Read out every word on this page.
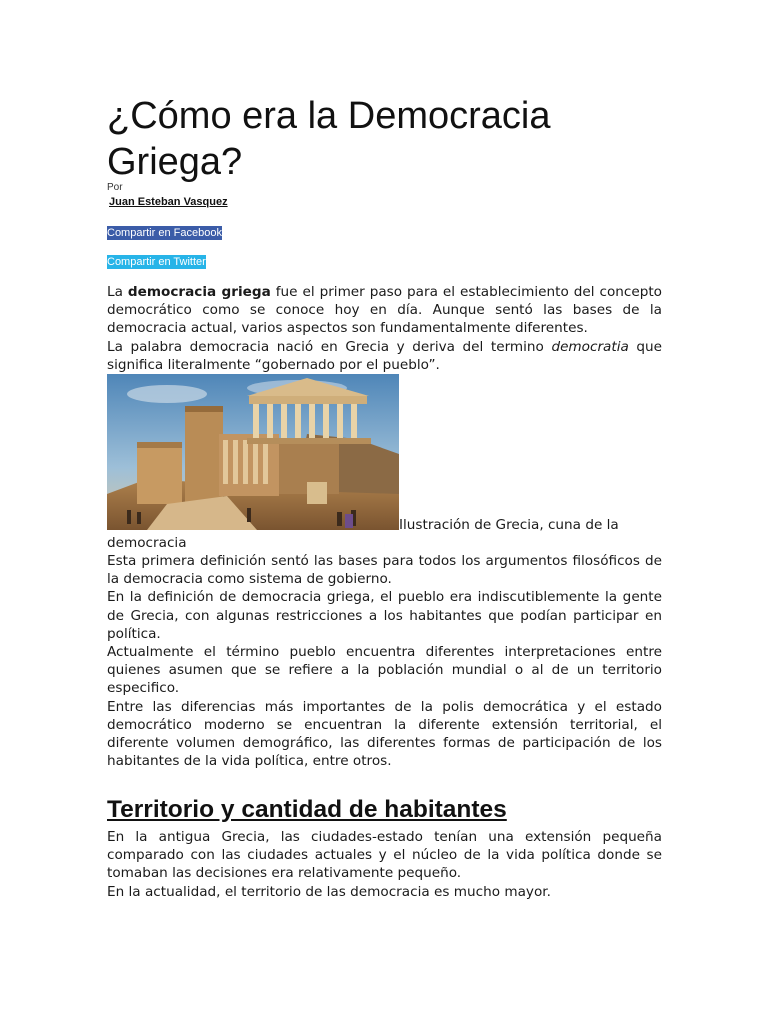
¿Cómo era la Democracia Griega?
Por
Juan Esteban Vasquez
Compartir en Facebook
Compartir en Twitter

La democracia griega fue el primer paso para el establecimiento del concepto democrático como se conoce hoy en día. Aunque sentó las bases de la democracia actual, varios aspectos son fundamentalmente diferentes.

La palabra democracia nació en Grecia y deriva del termino democratia que significa literalmente “gobernado por el pueblo”.

Ilustración de Grecia, cuna de la democracia

Esta primera definición sentó las bases para todos los argumentos filosóficos de la democracia como sistema de gobierno.

En la definición de democracia griega, el pueblo era indiscutiblemente la gente de Grecia, con algunas restricciones a los habitantes que podían participar en política.

Actualmente el término pueblo encuentra diferentes interpretaciones entre quienes asumen que se refiere a la población mundial o al de un territorio especifico.

Entre las diferencias más importantes de la polis democrática y el estado democrático moderno se encuentran la diferente extensión territorial, el diferente volumen demográfico, las diferentes formas de participación de los habitantes de la vida política, entre otros.

Territorio y cantidad de habitantes

En la antigua Grecia, las ciudades-estado tenían una extensión pequeña comparado con las ciudades actuales y el núcleo de la vida política donde se tomaban las decisiones era relativamente pequeño.

En la actualidad, el territorio de las democracia es mucho mayor.
